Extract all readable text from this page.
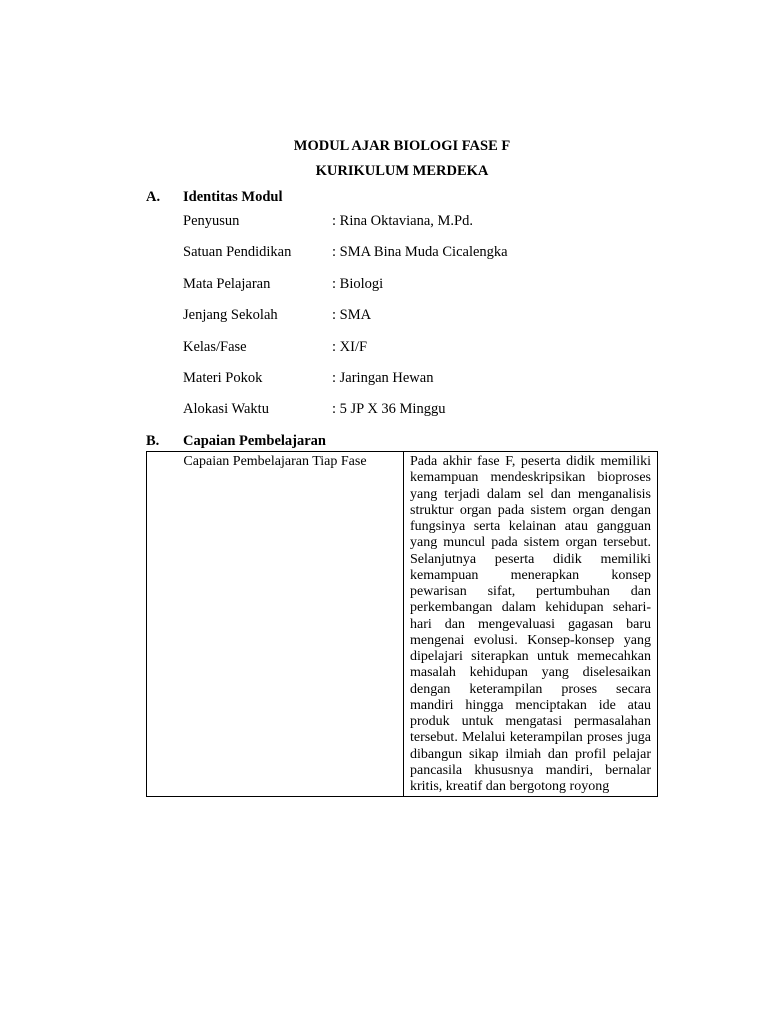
MODUL AJAR BIOLOGI FASE F
KURIKULUM MERDEKA
A. Identitas Modul
Penyusun	: Rina Oktaviana, M.Pd.
Satuan Pendidikan	: SMA Bina Muda Cicalengka
Mata Pelajaran	: Biologi
Jenjang Sekolah	: SMA
Kelas/Fase	: XI/F
Materi Pokok	: Jaringan Hewan
Alokasi Waktu	: 5 JP X 36 Minggu
B. Capaian Pembelajaran
Capaian Pembelajaran Tiap Fase	Pada akhir fase F, peserta didik memiliki kemampuan mendeskripsikan bioproses yang terjadi dalam sel dan menganalisis struktur organ pada sistem organ dengan fungsinya serta kelainan atau gangguan yang muncul pada sistem organ tersebut. Selanjutnya peserta didik memiliki kemampuan menerapkan konsep pewarisan sifat, pertumbuhan dan perkembangan dalam kehidupan sehari-hari dan mengevaluasi gagasan baru mengenai evolusi. Konsep-konsep yang dipelajari siterapkan untuk memecahkan masalah kehidupan yang diselesaikan dengan keterampilan proses secara mandiri hingga menciptakan ide atau produk untuk mengatasi permasalahan tersebut. Melalui keterampilan proses juga dibangun sikap ilmiah dan profil pelajar pancasila khususnya mandiri, bernalar kritis, kreatif dan bergotong royong
